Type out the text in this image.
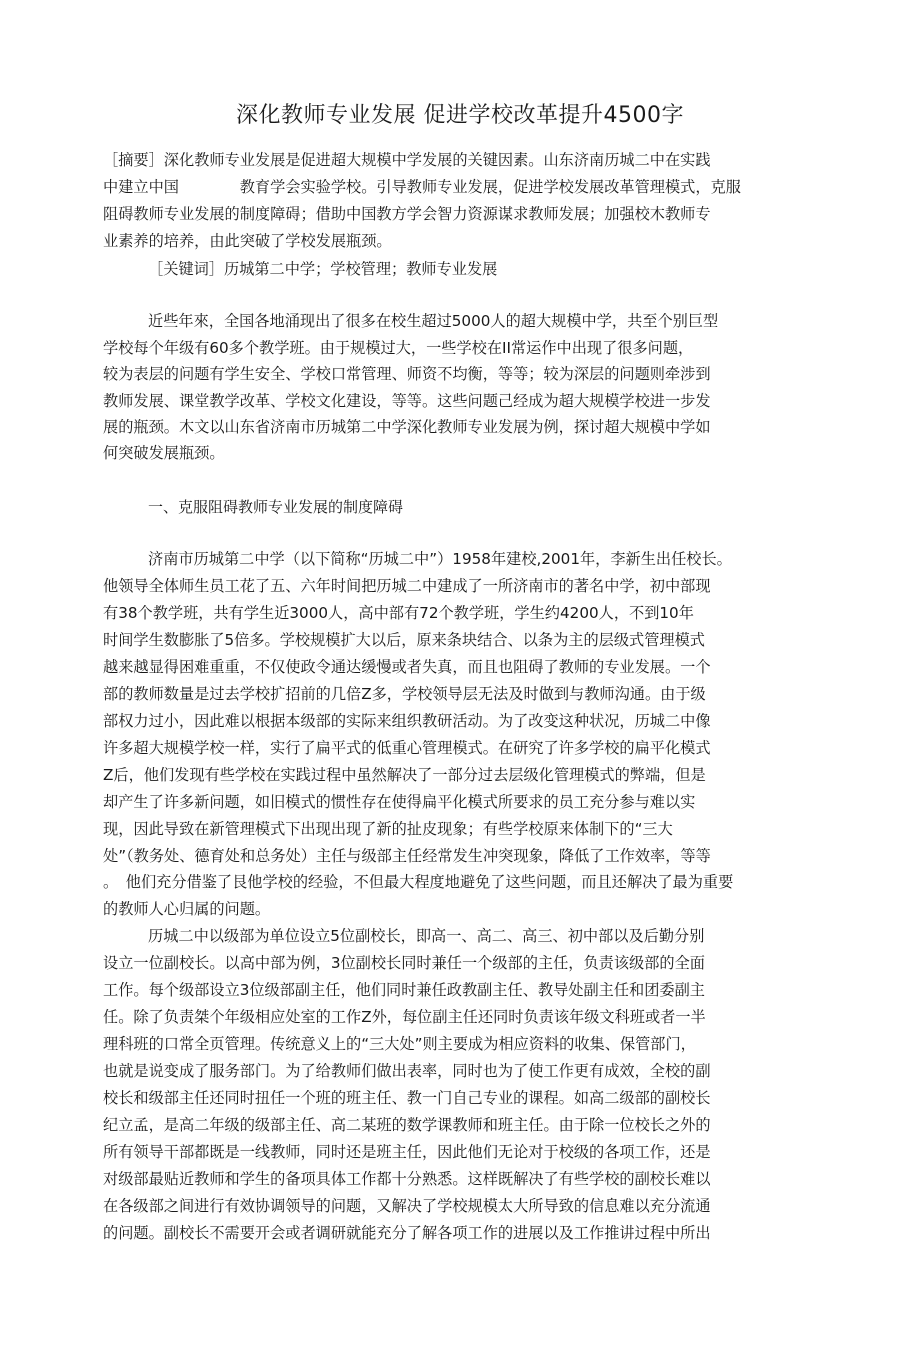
深化教师专业发展 促进学校改革提升4500字
［摘要］深化教师专业发展是促进超大规模中学发展的关键因素。山东济南历城二中在实践
中建立中国　　　　教育学会实验学校。引导教师专业发展，促进学校发展改革管理模式，克服
阻碍教师专业发展的制度障碍；借助中国教方学会智力资源谋求教师发展；加强校木教师专
业素养的培养，由此突破了学校发展瓶颈。
［关键词］历城第二中学；学校管理；教师专业发展
近些年來，全国各地涌现出了很多在校生超过5000人的超大规模中学，共至个别巨型
学校每个年级有60多个教学班。由于规模过大，一些学校在II常运作中出现了很多问题，
较为表层的问题有学生安全、学校口常管理、师资不均衡，等等；较为深层的问题则牵涉到
教师发展、课堂教学改革、学校文化建设，等等。这些问题己经成为超大规模学校进一步发
展的瓶颈。木文以山东省济南市历城第二中学深化教师专业发展为例，探讨超大规模中学如
何突破发展瓶颈。
一、克服阻碍教师专业发展的制度障碍
济南市历城第二中学（以下简称“历城二中”）1958年建校,2001年，李新生出任校长。
他领导全体师生员工花了五、六年时间把历城二中建成了一所济南市的著名中学，初中部现
有38个教学班，共有学生近3000人，高中部有72个教学班，学生约4200人，不到10年
时间学生数膨胀了5倍多。学校规模扩大以后，原来条块结合、以条为主的层级式管理模式
越来越显得困难重重，不仅使政令通达缓慢或者失真，而且也阻碍了教师的专业发展。一个
部的教师数量是过去学校扩招前的几倍Z多，学校领导层无法及时做到与教师沟通。由于级
部权力过小，因此难以根据本级部的实际来组织教研活动。为了改变这种状况，历城二中像
许多超大规模学校一样，实行了扁平式的低重心管理模式。在研究了许多学校的扁平化模式
Z后，他们发现有些学校在实践过程中虽然解决了一部分过去层级化管理模式的弊端，但是
却产生了许多新问题，如旧模式的惯性存在使得扁平化模式所要求的员工充分参与难以实
现，因此导致在新管理模式下出现出现了新的扯皮现象；有些学校原来体制下的“三大
处”（教务处、德育处和总务处）主任与级部主任经常发生冲突现象，降低了工作效率，等等
。　他们充分借鉴了艮他学校的经验，不但最大程度地避免了这些问题，而且还解决了最为重要
的教师人心归属的问题。
历城二中以级部为单位设立5位副校长，即高一、高二、高三、初中部以及后勤分别
设立一位副校长。以高中部为例，3位副校长同时兼任一个级部的主任，负责该级部的全面
工作。每个级部设立3位级部副主任，他们同时兼任政教副主任、教导处副主任和团委副主
任。除了负责桀个年级相应处室的工作Z外，每位副主任还同时负责该年级文科班或者一半
理科班的口常全页管理。传统意义上的“三大处”则主要成为相应资料的收集、保管部门，
也就是说变成了服务部门。为了给教师们做出表率，同时也为了使工作更有成效，全校的副
校长和级部主任还同时扭任一个班的班主任、教一门自己专业的课程。如高二级部的副校长
纪立孟，是高二年级的级部主任、高二某班的数学课教师和班主任。由于除一位校长之外的
所有领导干部都既是一线教师，同时还是班主任，因此他们无论对于校级的各项工作，还是
对级部最贴近教师和学生的备项具体工作都十分熟悉。这样既解决了有些学校的副校长难以
在各级部之间进行有效协调领导的问题，又解决了学校规模太大所导致的信息难以充分流通
的问题。副校长不需要开会或者调研就能充分了解各项工作的进展以及工作推讲过程中所出
